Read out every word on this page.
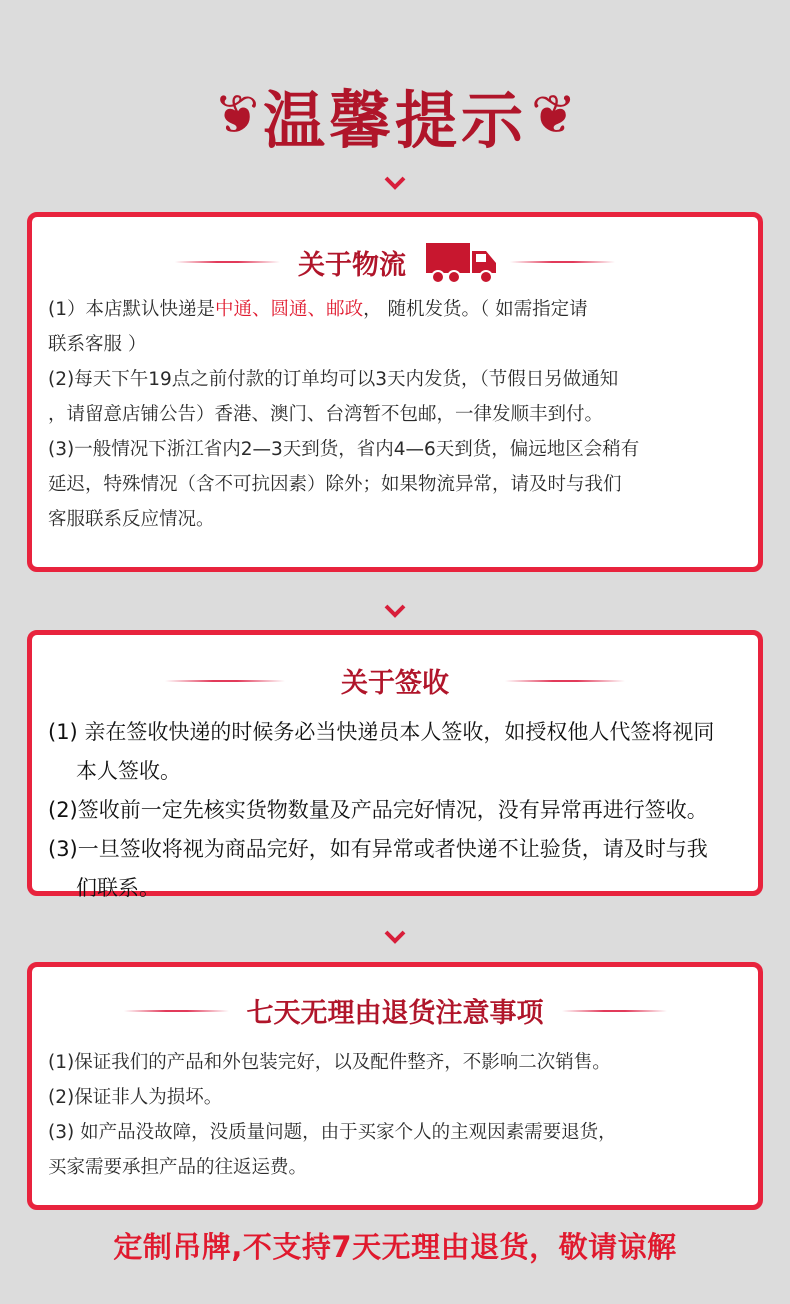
❦ 温馨提示 ❦
关于物流
(1）本店默认快递是中通、圆通、邮政， 随机发货。（ 如需指定请
联系客服 ）
(2)每天下午19点之前付款的订单均可以3天内发货，（节假日另做通知
，请留意店铺公告）香港、澳门、台湾暂不包邮，一律发顺丰到付。
(3)一般情况下浙江省内2—3天到货，省内4—6天到货，偏远地区会稍有
延迟，特殊情况（含不可抗因素）除外；如果物流异常，请及时与我们
客服联系反应情况。
关于签收
(1) 亲在签收快递的时候务必当快递员本人签收，如授权他人代签将视同
本人签收。
(2)签收前一定先核实货物数量及产品完好情况，没有异常再进行签收。
(3)一旦签收将视为商品完好，如有异常或者快递不让验货，请及时与我
们联系。
七天无理由退货注意事项
(1)保证我们的产品和外包装完好，以及配件整齐，不影响二次销售。
(2)保证非人为损坏。
(3) 如产品没故障，没质量问题，由于买家个人的主观因素需要退货，
买家需要承担产品的往返运费。
定制吊牌,不支持7天无理由退货，敬请谅解
